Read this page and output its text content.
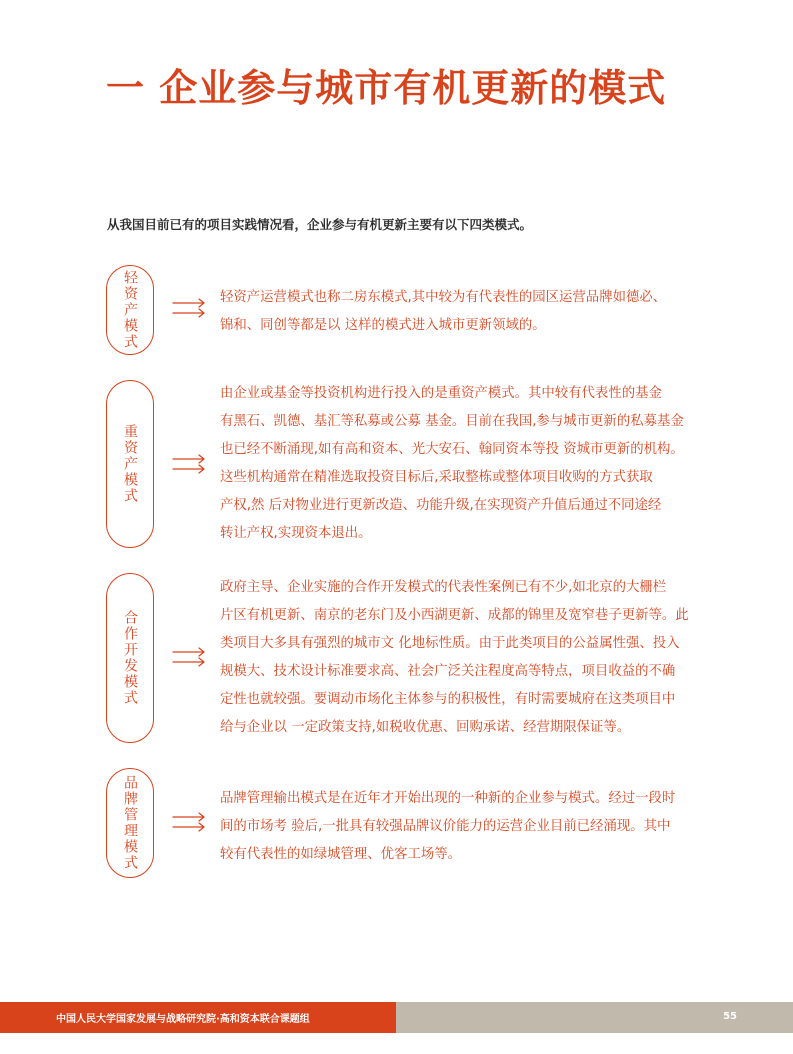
一 企业参与城市有机更新的模式

从我国目前已有的项目实践情况看，企业参与有机更新主要有以下四类模式。

轻资产模式	轻资产运营模式也称二房东模式,其中较为有代表性的园区运营品牌如德必、
锦和、同创等都是以 这样的模式进入城市更新领域的。
重资产模式
由企业或基金等投资机构进行投入的是重资产模式。其中较有代表性的基金
有黑石、凯德、基汇等私募或公募 基金。目前在我国,参与城市更新的私募基金
也已经不断涌现,如有高和资本、光大安石、翰同资本等投 资城市更新的机构。
这些机构通常在精准选取投资目标后,采取整栋或整体项目收购的方式获取
产权,然 后对物业进行更新改造、功能升级,在实现资产升值后通过不同途经
转让产权,实现资本退出。
合作开发模式
政府主导、企业实施的合作开发模式的代表性案例已有不少,如北京的大栅栏
片区有机更新、南京的老东门及小西湖更新、成都的锦里及宽窄巷子更新等。此
类项目大多具有强烈的城市文 化地标性质。由于此类项目的公益属性强、投入
规模大、技术设计标准要求高、社会广泛关注程度高等特点，项目收益的不确
定性也就较强。要调动市场化主体参与的积极性，有时需要城府在这类项目中
给与企业以 一定政策支持,如税收优惠、回购承诺、经营期限保证等。
品牌管理模式	品牌管理输出模式是在近年才开始出现的一种新的企业参与模式。经过一段时
间的市场考 验后,一批具有较强品牌议价能力的运营企业目前已经涌现。其中
较有代表性的如绿城管理、优客工场等。
中国人民大学国家发展与战略研究院·高和资本联合课题组	55
